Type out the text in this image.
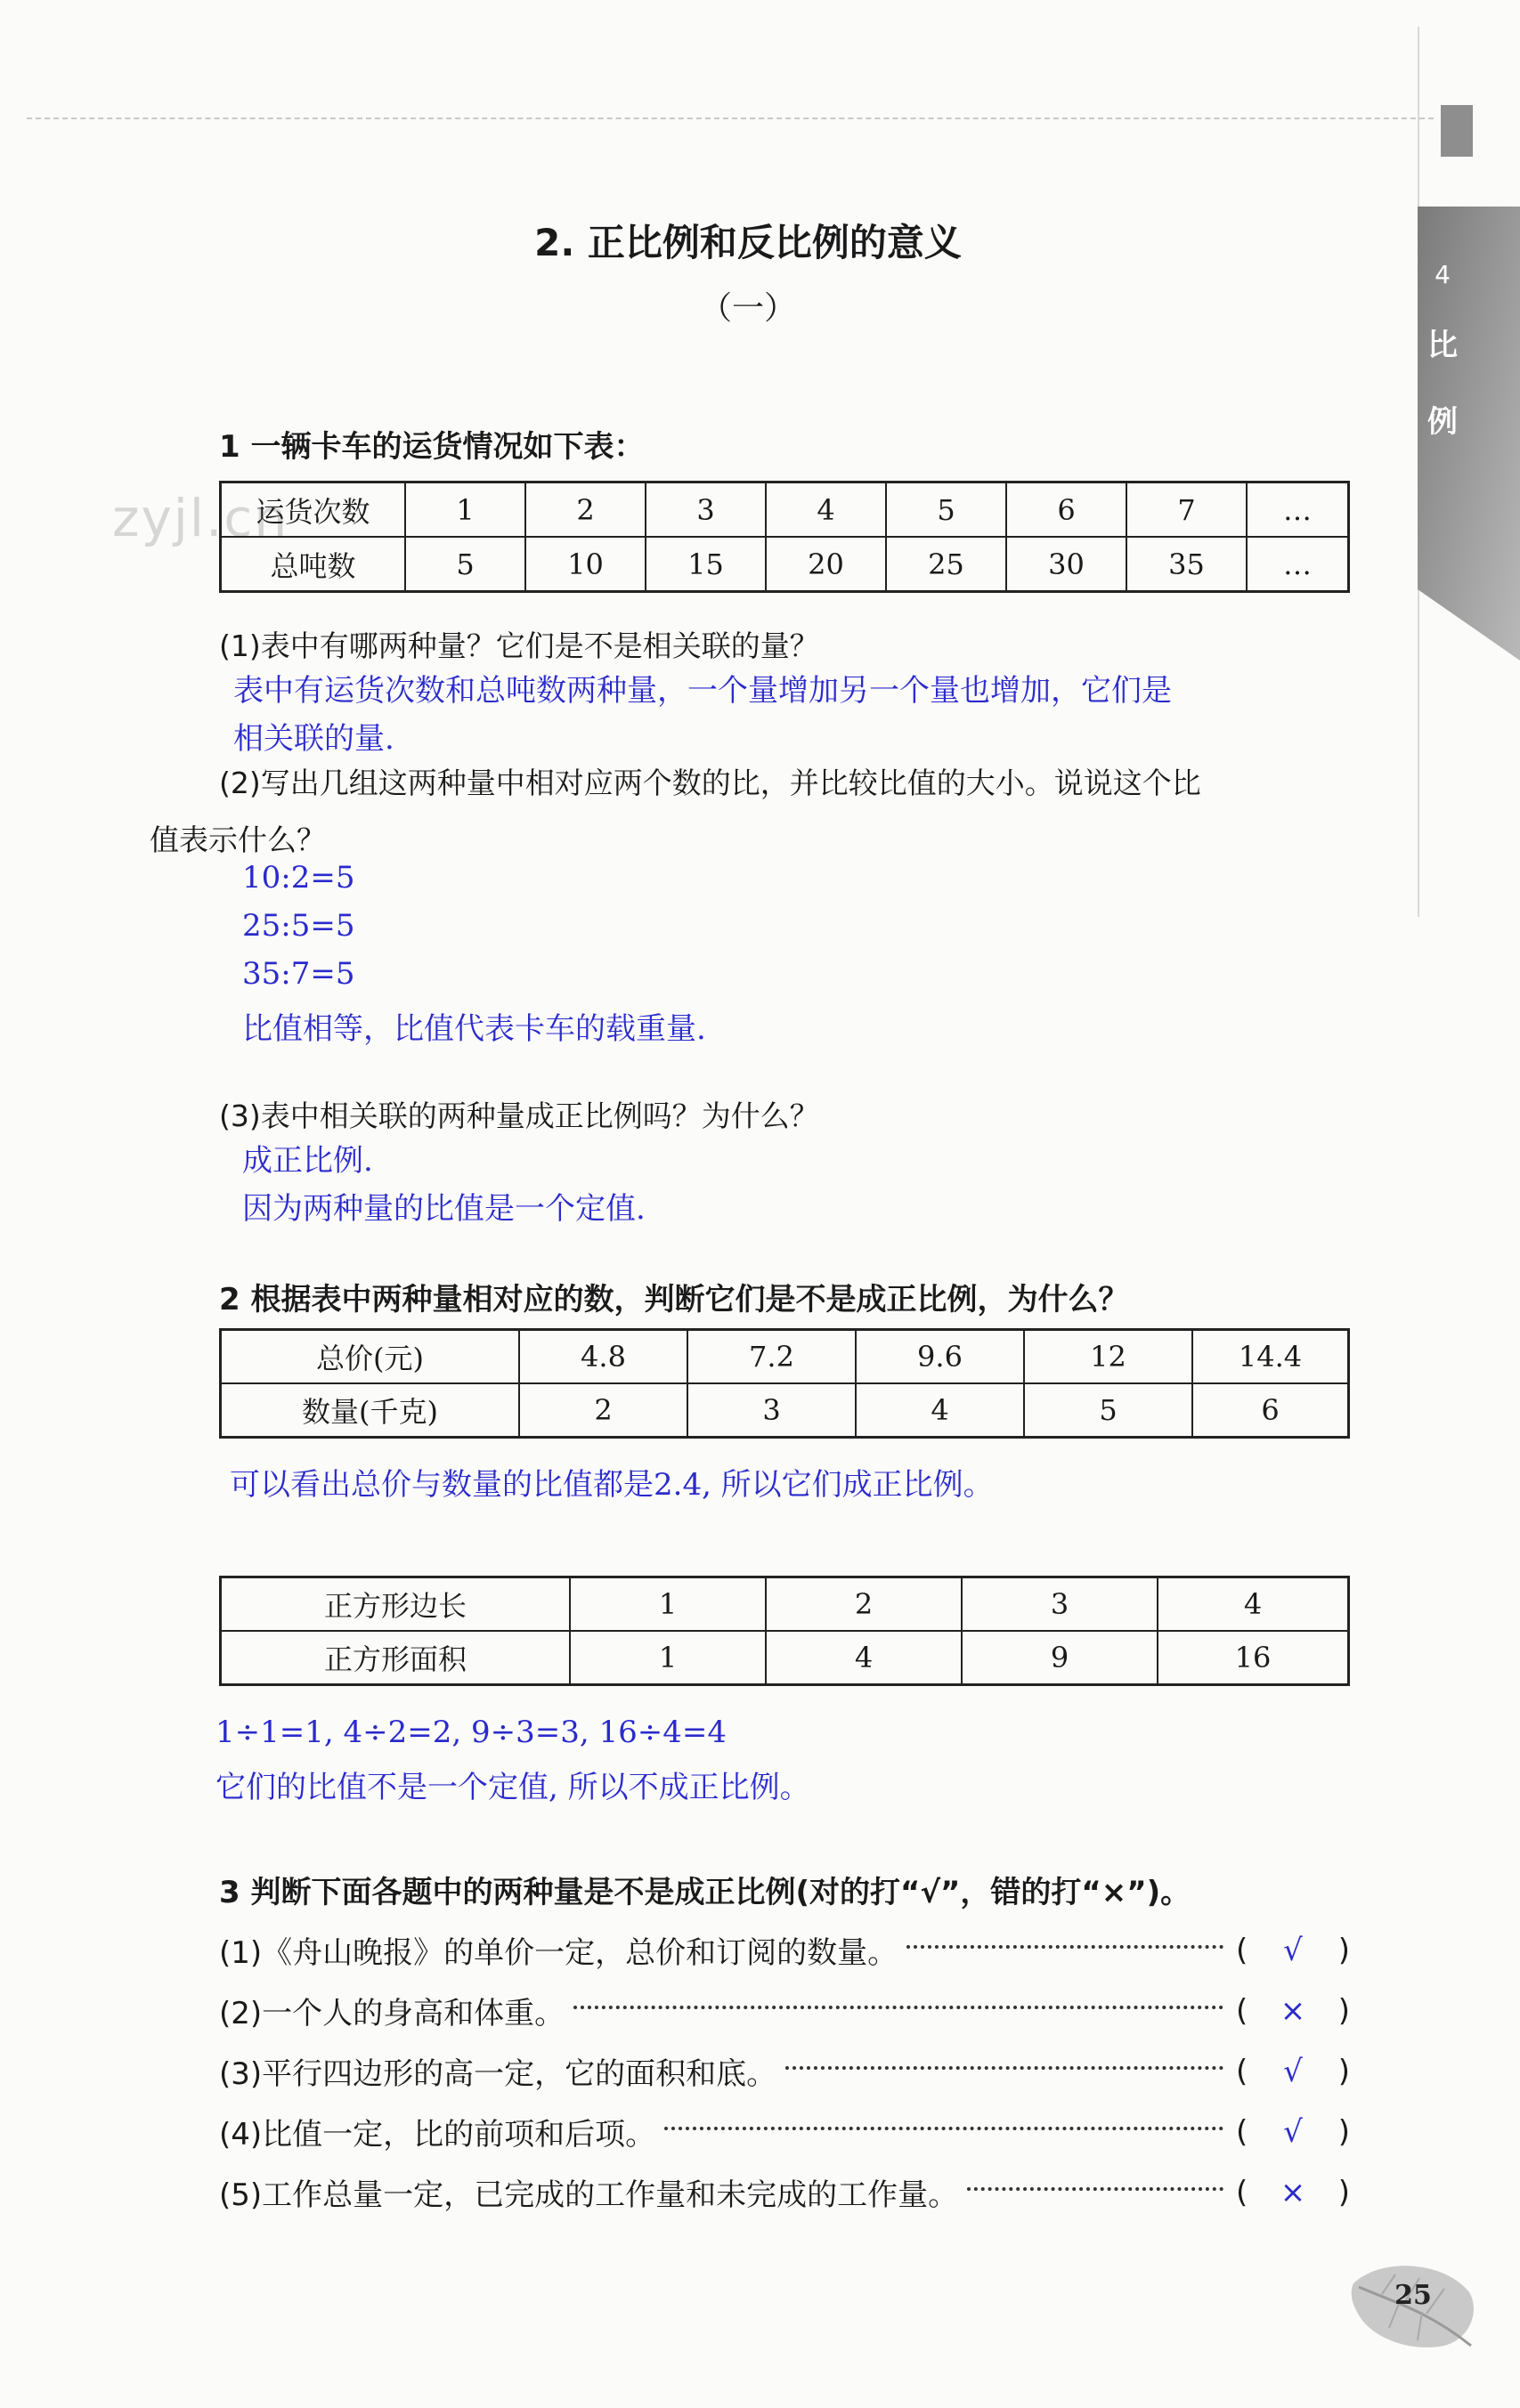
4
比
例
2. 正比例和反比例的意义
（一）
zyjl.cn
1 一辆卡车的运货情况如下表：
运货次数	1	2	3	4	5	6	7	…
总吨数	5	10	15	20	25	30	35	…
(1)表中有哪两种量？它们是不是相关联的量？
表中有运货次数和总吨数两种量，一个量增加另一个量也增加，它们是
相关联的量.
(2)写出几组这两种量中相对应两个数的比，并比较比值的大小。说说这个比
值表示什么？
10:2=5
25:5=5
35:7=5
比值相等，比值代表卡车的载重量.
(3)表中相关联的两种量成正比例吗？为什么？
成正比例.
因为两种量的比值是一个定值.
2 根据表中两种量相对应的数，判断它们是不是成正比例，为什么？
总价(元)	4.8	7.2	9.6	12	14.4
数量(千克)	2	3	4	5	6
可以看出总价与数量的比值都是2.4, 所以它们成正比例。
正方形边长	1	2	3	4
正方形面积	1	4	9	16
1÷1=1, 4÷2=2, 9÷3=3, 16÷4=4
它们的比值不是一个定值, 所以不成正比例。
3 判断下面各题中的两种量是不是成正比例(对的打“√”，错的打“×”)。
(1)《舟山晚报》的单价一定，总价和订阅的数量。	( √ )
(2)一个人的身高和体重。	( × )
(3)平行四边形的高一定，它的面积和底。	( √ )
(4)比值一定，比的前项和后项。	( √ )
(5)工作总量一定，已完成的工作量和未完成的工作量。	( × )
25
